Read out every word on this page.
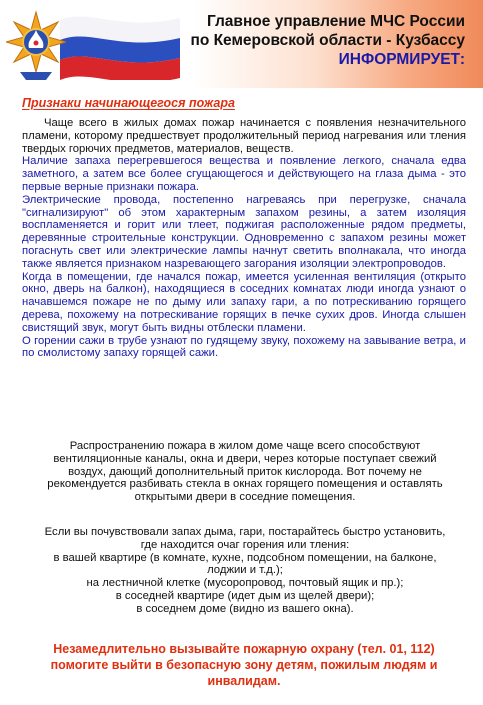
Главное управление МЧС России
по Кемеровской области - Кузбассу
ИНФОРМИРУЕТ:
Признаки начинающегося пожара

Чаще всего в жилых домах пожар начинается с появления незначительного пламени, которому предшествует продолжительный период нагревания или тления твердых горючих предметов, материалов, веществ.

Наличие запаха перегревшегося вещества и появление легкого, сначала едва заметного, а затем все более сгущающегося и действующего на глаза дыма - это первые верные признаки пожара.

Электрические провода, постепенно нагреваясь при перегрузке, сначала "сигнализируют" об этом характерным запахом резины, а затем изоляция воспламеняется и горит или тлеет, поджигая расположенные рядом предметы, деревянные строительные конструкции. Одновременно с запахом резины может погаснуть свет или электрические лампы начнут светить вполнакала, что иногда также является признаком назревающего загорания изоляции электропроводов.

Когда в помещении, где начался пожар, имеется усиленная вентиляция (открыто окно, дверь на балкон), находящиеся в соседних комнатах люди иногда узнают о начавшемся пожаре не по дыму или запаху гари, а по потрескиванию горящего дерева, похожему на потрескивание горящих в печке сухих дров. Иногда слышен свистящий звук, могут быть видны отблески пламени.

О горении сажи в трубе узнают по гудящему звуку, похожему на завывание ветра, и по смолистому запаху горящей сажи.

Распространению пожара в жилом доме чаще всего способствуют

вентиляционные каналы, окна и двери, через которые поступает свежий

воздух, дающий дополнительный приток кислорода. Вот почему не

рекомендуется разбивать стекла в окнах горящего помещения и оставлять

открытыми двери в соседние помещения.

Если вы почувствовали запах дыма, гари, постарайтесь быстро установить,

где находится очаг горения или тления:

в вашей квартире (в комнате, кухне, подсобном помещении, на балконе,

лоджии и т.д.);

на лестничной клетке (мусоропровод, почтовый ящик и пр.);

в соседней квартире (идет дым из щелей двери);

в соседнем доме (видно из вашего окна).

Незамедлительно вызывайте пожарную охрану (тел. 01, 112)
помогите выйти в безопасную зону детям, пожилым людям и
инвалидам.
